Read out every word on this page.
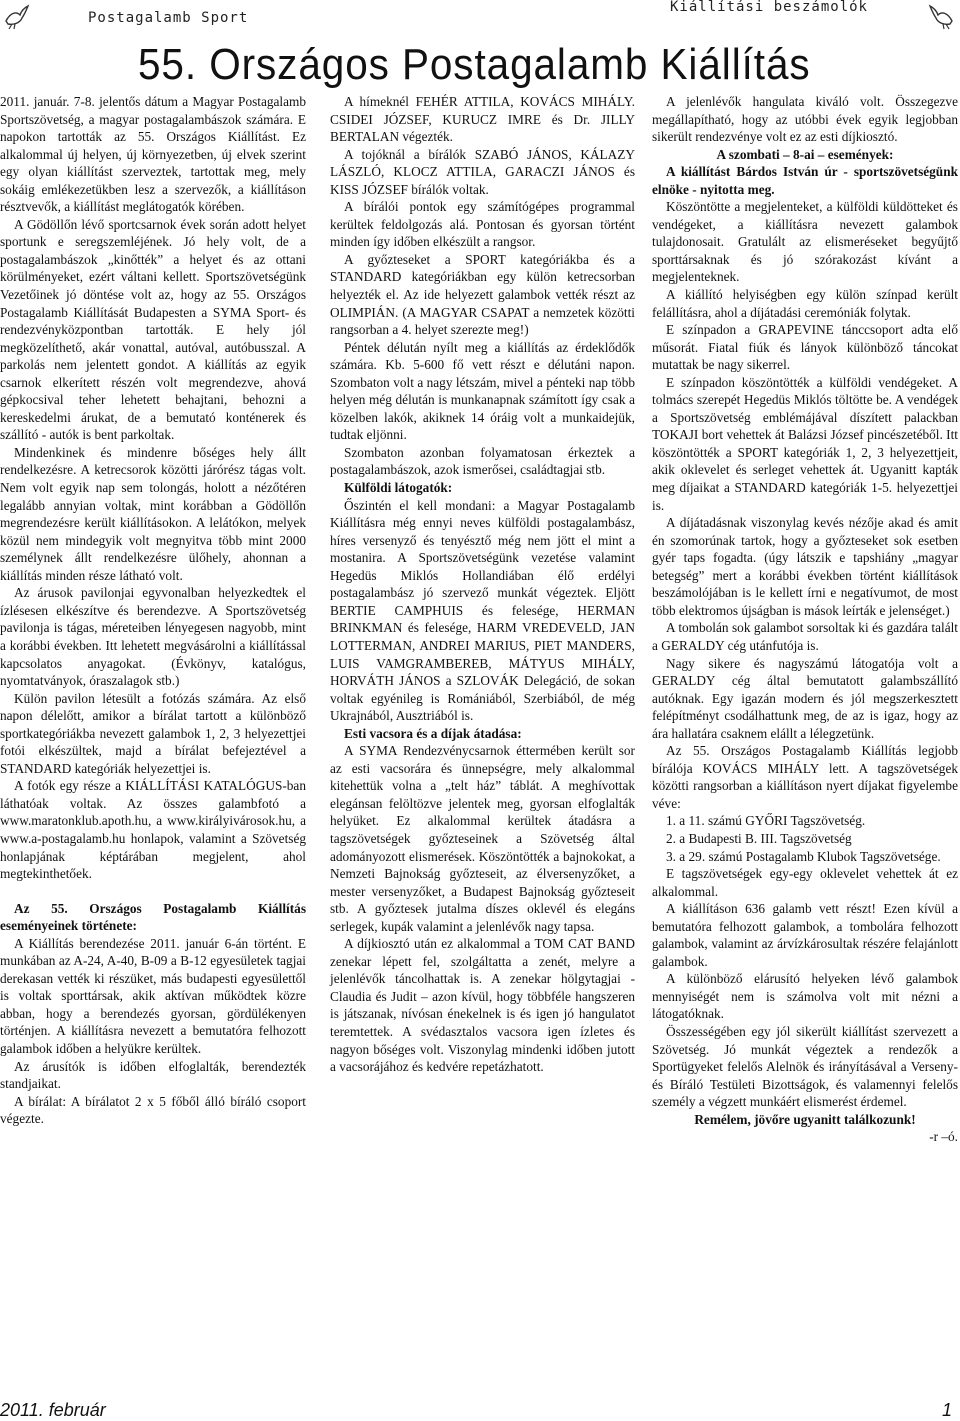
Postagalamb Sport
Kiállítási beszámolók
55. Országos Postagalamb Kiállítás

2011. január. 7-8. jelentős dátum a Magyar Postagalamb Sportszövetség, a magyar postagalambászok számára. E napokon tartották az 55. Országos Kiállítást. Ez alkalommal új helyen, új környezetben, új elvek szerint egy olyan kiállítást szerveztek, tartottak meg, mely sokáig emlékezetükben lesz a szervezők, a kiállításon résztvevők, a kiállítást meglátogatók körében.

A Gödöllőn lévő sportcsarnok évek során adott helyet sportunk e seregszemléjének. Jó hely volt, de a postagalambászok „kinőtték” a helyet és az ottani körülményeket, ezért váltani kellett. Sportszövetségünk Vezetőinek jó döntése volt az, hogy az 55. Országos Postagalamb Kiállítását Budapesten a SYMA Sport- és rendezvényközpontban tartották. E hely jól megközelíthető, akár vonattal, autóval, autóbusszal. A parkolás nem jelentett gondot. A kiállítás az egyik csarnok elkerített részén volt megrendezve, ahová gépkocsival teher lehetett behajtani, behozni a kereskedelmi árukat, de a bemutató konténerek és szállító - autók is bent parkoltak.

Mindenkinek és mindenre bőséges hely állt rendelkezésre. A ketrecsorok közötti járórész tágas volt. Nem volt egyik nap sem tolongás, holott a nézőtéren legalább annyian voltak, mint korábban a Gödöllőn megrendezésre került kiállításokon. A lelátókon, melyek közül nem mindegyik volt megnyitva több mint 2000 személynek állt rendelkezésre ülőhely, ahonnan a kiállítás minden része látható volt.

Az árusok pavilonjai egyvonalban helyezkedtek el ízlésesen elkészítve és berendezve. A Sportszövetség pavilonja is tágas, méreteiben lényegesen nagyobb, mint a korábbi években. Itt lehetett megvásárolni a kiállítással kapcsolatos anyagokat. (Évkönyv, katalógus, nyomtatványok, óraszalagok stb.)

Külön pavilon létesült a fotózás számára. Az első napon délelőtt, amikor a bírálat tartott a különböző sportkategóriákba nevezett galambok 1, 2, 3 helyezettjei fotói elkészültek, majd a bírálat befejeztével a STANDARD kategóriák helyezettjei is.

A fotók egy része a KIÁLLÍTÁSI KATALÓGUS-ban láthatóak voltak. Az összes galambfotó a www.maratonklub.apoth.hu, a www.királyivárosok.hu, a www.a-postagalamb.hu honlapok, valamint a Szövetség honlapjának képtárában megjelent, ahol megtekinthetőek.

Az 55. Országos Postagalamb Kiállítás eseményeinek története:

A Kiállítás berendezése 2011. január 6-án történt. E munkában az A-24, A-40, B-09 a B-12 egyesületek tagjai derekasan vették ki részüket, más budapesti egyesülettől is voltak sporttársak, akik aktívan működtek közre abban, hogy a berendezés gyorsan, gördülékenyen történjen. A kiállításra nevezett a bemutatóra felhozott galambok időben a helyükre kerültek.

Az árusítók is időben elfoglalták, berendezték standjaikat.

A bírálat: A bírálatot 2 x 5 főből álló bíráló csoport végezte.

A hímeknél FEHÉR ATTILA, KOVÁCS MIHÁLY. CSIDEI JÓZSEF, KURUCZ IMRE és Dr. JILLY BERTALAN végezték.

A tojóknál a bírálók SZABÓ JÁNOS, KÁLAZY LÁSZLÓ, KLOCZ ATTILA, GARACZI JÁNOS és KISS JÓZSEF bírálók voltak.

A bírálói pontok egy számítógépes programmal kerültek feldolgozás alá. Pontosan és gyorsan történt minden így időben elkészült a rangsor.

A győzteseket a SPORT kategóriákba és a STANDARD kategóriákban egy külön ketrecsorban helyezték el. Az ide helyezett galambok vették részt az OLIMPIÁN. (A MAGYAR CSAPAT a nemzetek közötti rangsorban a 4. helyet szerezte meg!)

Péntek délután nyílt meg a kiállítás az érdeklődők számára. Kb. 5-600 fő vett részt e délutáni napon. Szombaton volt a nagy létszám, mivel a pénteki nap több helyen még délután is munkanapnak számított így csak a közelben lakók, akiknek 14 óráig volt a munkaidejük, tudtak eljönni.

Szombaton azonban folyamatosan érkeztek a postagalambászok, azok ismerősei, családtagjai stb.

Külföldi látogatók:

Őszintén el kell mondani: a Magyar Postagalamb Kiállításra még ennyi neves külföldi postagalambász, híres versenyző és tenyésztő még nem jött el mint a mostanira. A Sportszövetségünk vezetése valamint Hegedüs Miklós Hollandiában élő erdélyi postagalambász jó szervező munkát végeztek. Eljött BERTIE CAMPHUIS és felesége, HERMAN BRINKMAN és felesége, HARM VREDEVELD, JAN LOTTERMAN, ANDREI MARIUS, PIET MANDERS, LUIS VAMGRAMBEREB, MÁTYUS MIHÁLY, HORVÁTH JÁNOS a SZLOVÁK Delegáció, de sokan voltak egyénileg is Romániából, Szerbiából, de még Ukrajnából, Ausztriából is.

Esti vacsora és a díjak átadása:

A SYMA Rendezvénycsarnok éttermében került sor az esti vacsorára és ünnepségre, mely alkalommal kitehettük volna a „telt ház” táblát. A meghívottak elegánsan felöltözve jelentek meg, gyorsan elfoglalták helyüket. Ez alkalommal kerültek átadásra a tagszövetségek győzteseinek a Szövetség által adományozott elismerések. Köszöntötték a bajnokokat, a Nemzeti Bajnokság győzteseit, az élversenyzőket, a mester versenyzőket, a Budapest Bajnokság győzteseit stb. A győztesek jutalma díszes oklevél és elegáns serlegek, kupák valamint a jelenlévők nagy tapsa.

A díjkiosztó után ez alkalommal a TOM CAT BAND zenekar lépett fel, szolgáltatta a zenét, melyre a jelenlévők táncolhattak is. A zenekar hölgytagjai - Claudia és Judit – azon kívül, hogy többféle hangszeren is játszanak, nívósan énekelnek is és igen jó hangulatot teremtettek. A svédasztalos vacsora igen ízletes és nagyon bőséges volt. Viszonylag mindenki időben jutott a vacsorájához és kedvére repetázhatott.

A jelenlévők hangulata kiváló volt. Összegezve megállapítható, hogy az utóbbi évek egyik legjobban sikerült rendezvénye volt ez az esti díjkiosztó.

A szombati – 8-ai – események:

A kiállítást Bárdos István úr - sportszövetségünk elnöke - nyitotta meg.

Köszöntötte a megjelenteket, a külföldi küldötteket és vendégeket, a kiállításra nevezett galambok tulajdonosait. Gratulált az elismeréseket begyűjtő sporttársaknak és jó szórakozást kívánt a megjelenteknek.

A kiállító helyiségben egy külön színpad került felállításra, ahol a díjátadási ceremóniák folytak.

E színpadon a GRAPEVINE tánccsoport adta elő műsorát. Fiatal fiúk és lányok különböző táncokat mutattak be nagy sikerrel.

E színpadon köszöntötték a külföldi vendégeket. A tolmács szerepét Hegedüs Miklós töltötte be. A vendégek a Sportszövetség emblémájával díszített palackban TOKAJI bort vehettek át Balázsi József pincészetéből. Itt köszöntötték a SPORT kategóriák 1, 2, 3 helyezettjeit, akik oklevelet és serleget vehettek át. Ugyanitt kapták meg díjaikat a STANDARD kategóriák 1-5. helyezettjei is.

A díjátadásnak viszonylag kevés nézője akad és amit én szomorúnak tartok, hogy a győzteseket sok esetben gyér taps fogadta. (úgy látszik e tapshiány „magyar betegség” mert a korábbi években történt kiállítások beszámolójában is le kellett írni e negatívumot, de most több elektromos újságban is mások leírták e jelenséget.)

A tombolán sok galambot sorsoltak ki és gazdára talált a GERALDY cég utánfutója is.

Nagy sikere és nagyszámú látogatója volt a GERALDY cég által bemutatott galambszállító autóknak. Egy igazán modern és jól megszerkesztett felépítményt csodálhattunk meg, de az is igaz, hogy az ára hallatára csaknem elállt a lélegzetünk.

Az 55. Országos Postagalamb Kiállítás legjobb bírálója KOVÁCS MIHÁLY lett. A tagszövetségek közötti rangsorban a kiállításon nyert díjakat figyelembe véve:

1. a 11. számú GYŐRI Tagszövetség.

2. a Budapesti B. III. Tagszövetség

3. a 29. számú Postagalamb Klubok Tagszövetsége.

E tagszövetségek egy-egy oklevelet vehettek át ez alkalommal.

A kiállításon 636 galamb vett részt! Ezen kívül a bemutatóra felhozott galambok, a tombolára felhozott galambok, valamint az árvízkárosultak részére felajánlott galambok.

A különböző elárusító helyeken lévő galambok mennyiségét nem is számolva volt mit nézni a látogatóknak.

Összességében egy jól sikerült kiállítást szervezett a Szövetség. Jó munkát végeztek a rendezők a Sportügyeket felelős Alelnök és irányításával a Verseny- és Bíráló Testületi Bizottságok, és valamennyi felelős személy a végzett munkáért elismerést érdemel.

Remélem, jövőre ugyanitt találkozunk!

-r –ó.

2011. február	1
